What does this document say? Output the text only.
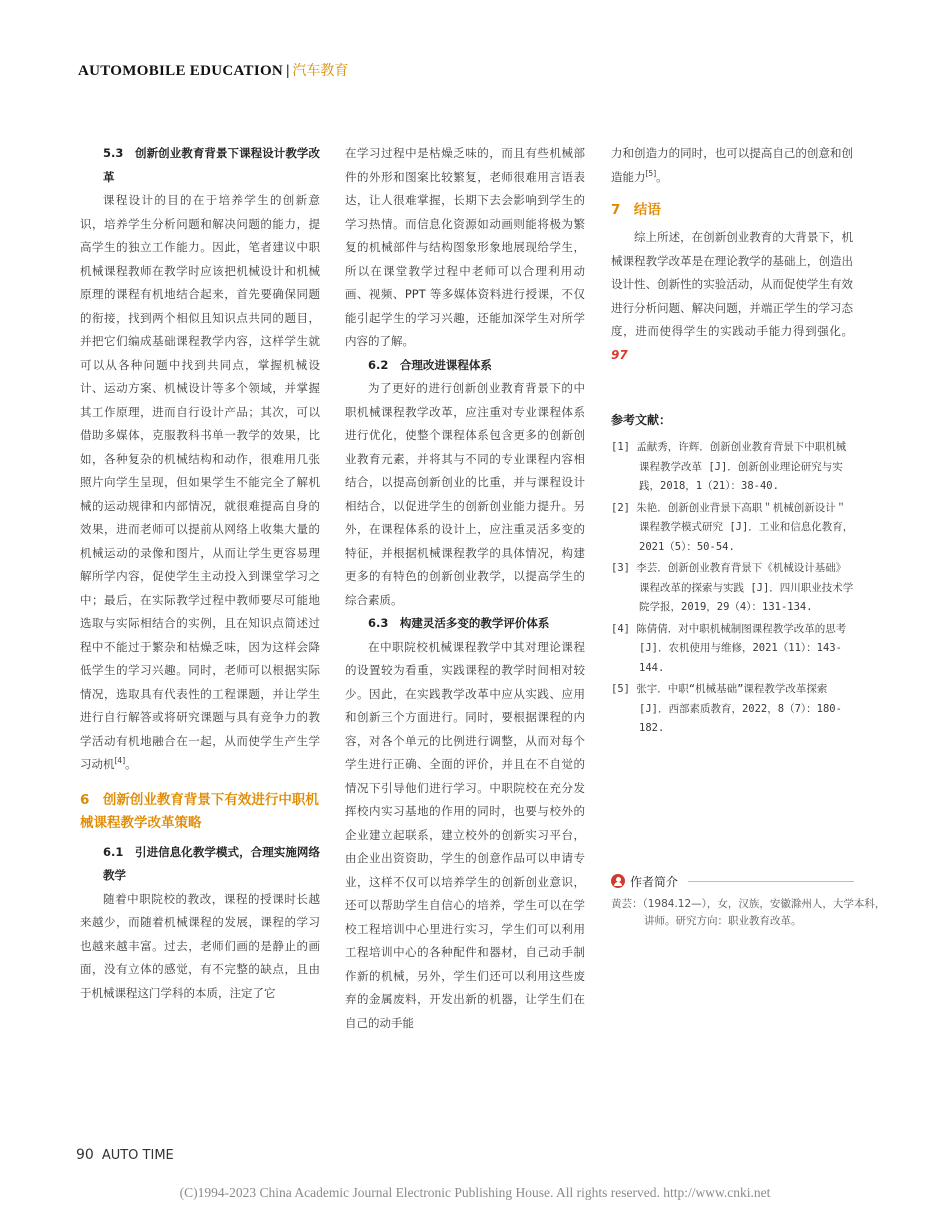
AUTOMOBILE EDUCATION | 汽车教育

5.3　创新创业教育背景下课程设计教学改革

课程设计的目的在于培养学生的创新意识，培养学生分析问题和解决问题的能力，提高学生的独立工作能力。因此，笔者建议中职机械课程教师在教学时应该把机械设计和机械原理的课程有机地结合起来，首先要确保同题的衔接，找到两个相似且知识点共同的题目，并把它们编成基础课程教学内容，这样学生就可以从各种问题中找到共同点，掌握机械设计、运动方案、机械设计等多个领域，并掌握其工作原理，进而自行设计产品；其次，可以借助多媒体，克服教科书单一教学的效果，比如，各种复杂的机械结构和动作，很难用几张照片向学生呈现，但如果学生不能完全了解机械的运动规律和内部情况，就很难提高自身的效果，进而老师可以提前从网络上收集大量的机械运动的录像和图片，从而让学生更容易理解所学内容，促使学生主动投入到课堂学习之中；最后，在实际教学过程中教师要尽可能地选取与实际相结合的实例，且在知识点简述过程中不能过于繁杂和枯燥乏味，因为这样会降低学生的学习兴趣。同时，老师可以根据实际情况，选取具有代表性的工程课题，并让学生进行自行解答或将研究课题与具有竞争力的教学活动有机地融合在一起，从而使学生产生学习动机[4]。

6　创新创业教育背景下有效进行中职机械课程教学改革策略

6.1　引进信息化教学模式，合理实施网络教学

随着中职院校的教改，课程的授课时长越来越少，而随着机械课程的发展，课程的学习也越来越丰富。过去，老师们画的是静止的画面，没有立体的感觉，有不完整的缺点，且由于机械课程这门学科的本质，注定了它

在学习过程中是枯燥乏味的，而且有些机械部件的外形和图案比较繁复，老师很难用言语表达，让人很难掌握，长期下去会影响到学生的学习热情。而信息化资源如动画则能将极为繁复的机械部件与结构图象形象地展现给学生，所以在课堂教学过程中老师可以合理利用动画、视频、PPT 等多媒体资料进行授课，不仅能引起学生的学习兴趣，还能加深学生对所学内容的了解。

6.2　合理改进课程体系

为了更好的进行创新创业教育背景下的中职机械课程教学改革，应注重对专业课程体系进行优化，使整个课程体系包含更多的创新创业教育元素，并将其与不同的专业课程内容相结合，以提高创新创业的比重，并与课程设计相结合，以促进学生的创新创业能力提升。另外，在课程体系的设计上，应注重灵活多变的特征，并根据机械课程教学的具体情况，构建更多的有特色的创新创业教学，以提高学生的综合素质。

6.3　构建灵活多变的教学评价体系

在中职院校机械课程教学中其对理论课程的设置较为看重，实践课程的教学时间相对较少。因此，在实践教学改革中应从实践、应用和创新三个方面进行。同时，要根据课程的内容，对各个单元的比例进行调整，从而对每个学生进行正确、全面的评价，并且在不自觉的情况下引导他们进行学习。中职院校在充分发挥校内实习基地的作用的同时，也要与校外的企业建立起联系，建立校外的创新实习平台，由企业出资资助，学生的创意作品可以申请专业，这样不仅可以培养学生的创新创业意识，还可以帮助学生自信心的培养，学生可以在学校工程培训中心里进行实习，学生们可以利用工程培训中心的各种配件和器材，自己动手制作新的机械，另外，学生们还可以利用这些废弃的金属废料，开发出新的机器，让学生们在自己的动手能

力和创造力的同时，也可以提高自己的创意和创造能力[5]。

7　结语

综上所述，在创新创业教育的大背景下，机械课程教学改革是在理论教学的基础上，创造出设计性、创新性的实验活动，从而促使学生有效进行分析问题、解决问题，并端正学生的学习态度，进而使得学生的实践动手能力得到强化。97

参考文献：
[1] 孟献秀，许辉．创新创业教育背景下中职机械课程教学改革 [J]．创新创业理论研究与实践，2018，1（21）：38-40.
[2] 朱艳．创新创业背景下高职＂机械创新设计＂课程教学模式研究 [J]．工业和信息化教育，2021（5）：50-54.
[3] 李芸．创新创业教育背景下《机械设计基础》课程改革的探索与实践 [J]．四川职业技术学院学报，2019，29（4）：131-134.
[4] 陈倩倩．对中职机械制图课程教学改革的思考 [J]．农机使用与维修，2021（11）：143-144.
[5] 张宇．中职“机械基础”课程教学改革探索 [J]．西部素质教育，2022，8（7）：180-182.
作者简介
黄芸：（1984.12—），女，汉族，安徽滁州人，大学本科，讲师。研究方向：职业教育改革。
90 AUTO TIME
(C)1994-2023 China Academic Journal Electronic Publishing House. All rights reserved. http://www.cnki.net
